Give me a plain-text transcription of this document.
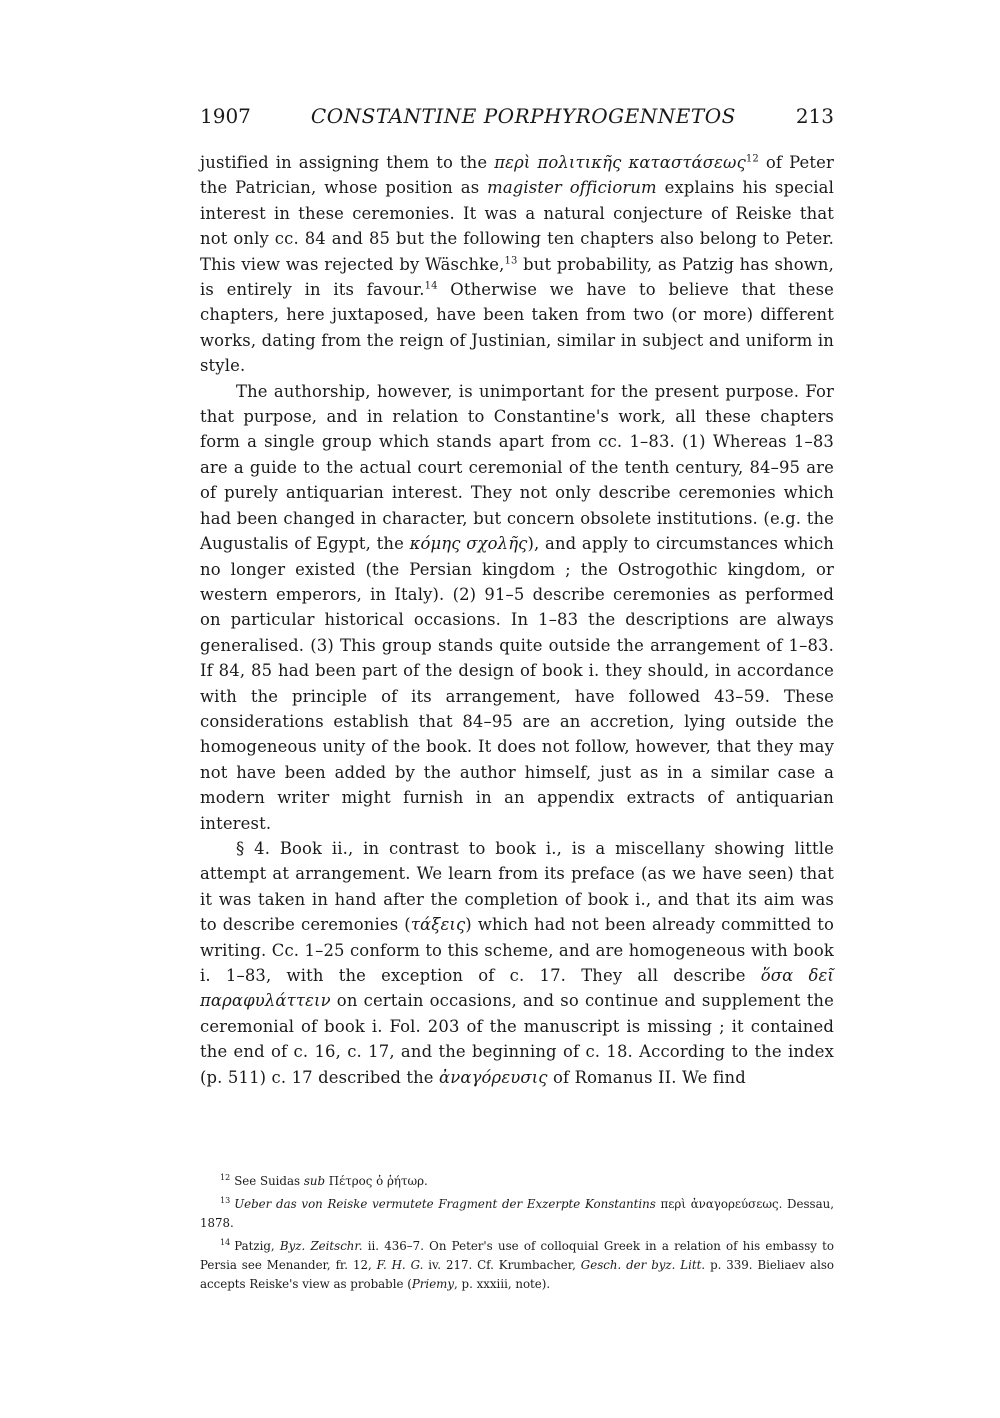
1907	CONSTANTINE PORPHYROGENNETOS	213

justified in assigning them to the περὶ πολιτικῆς καταστάσεως$^{12}$ of Peter the Patrician, whose position as magister officiorum explains his special interest in these ceremonies. It was a natural conjecture of Reiske that not only cc. 84 and 85 but the following ten chapters also belong to Peter. This view was rejected by Wäschke,$^{13}$ but probability, as Patzig has shown, is entirely in its favour.$^{14}$ Otherwise we have to believe that these chapters, here juxtaposed, have been taken from two (or more) different works, dating from the reign of Justinian, similar in subject and uniform in style.

The authorship, however, is unimportant for the present purpose. For that purpose, and in relation to Constantine's work, all these chapters form a single group which stands apart from cc. 1–83. (1) Whereas 1–83 are a guide to the actual court ceremonial of the tenth century, 84–95 are of purely antiquarian interest. They not only describe ceremonies which had been changed in character, but concern obsolete institutions. (e.g. the Augustalis of Egypt, the κόμης σχολῆς), and apply to circumstances which no longer existed (the Persian kingdom ; the Ostrogothic kingdom, or western emperors, in Italy). (2) 91–5 describe ceremonies as performed on particular historical occasions. In 1–83 the descriptions are always generalised. (3) This group stands quite outside the arrangement of 1–83. If 84, 85 had been part of the design of book i. they should, in accordance with the principle of its arrangement, have followed 43–59. These considerations establish that 84–95 are an accretion, lying outside the homogeneous unity of the book. It does not follow, however, that they may not have been added by the author himself, just as in a similar case a modern writer might furnish in an appendix extracts of antiquarian interest.

§ 4. Book ii., in contrast to book i., is a miscellany showing little attempt at arrangement. We learn from its preface (as we have seen) that it was taken in hand after the completion of book i., and that its aim was to describe ceremonies (τάξεις) which had not been already committed to writing. Cc. 1–25 conform to this scheme, and are homogeneous with book i. 1–83, with the exception of c. 17. They all describe ὅσα δεῖ παραφυλάττειν on certain occasions, and so continue and supplement the ceremonial of book i. Fol. 203 of the manuscript is missing ; it contained the end of c. 16, c. 17, and the beginning of c. 18. According to the index (p. 511) c. 17 described the ἀναγόρευσις of Romanus II. We find

$^{12}$ See Suidas sub Πέτρος ὁ ῥήτωρ.

$^{13}$ Ueber das von Reiske vermutete Fragment der Exzerpte Konstantins περὶ ἀναγορεύσεως. Dessau, 1878.

$^{14}$ Patzig, Byz. Zeitschr. ii. 436–7. On Peter's use of colloquial Greek in a relation of his embassy to Persia see Menander, fr. 12, F. H. G. iv. 217. Cf. Krumbacher, Gesch. der byz. Litt. p. 339. Bieliaev also accepts Reiske's view as probable (Priemy, p. xxxiii, note).
